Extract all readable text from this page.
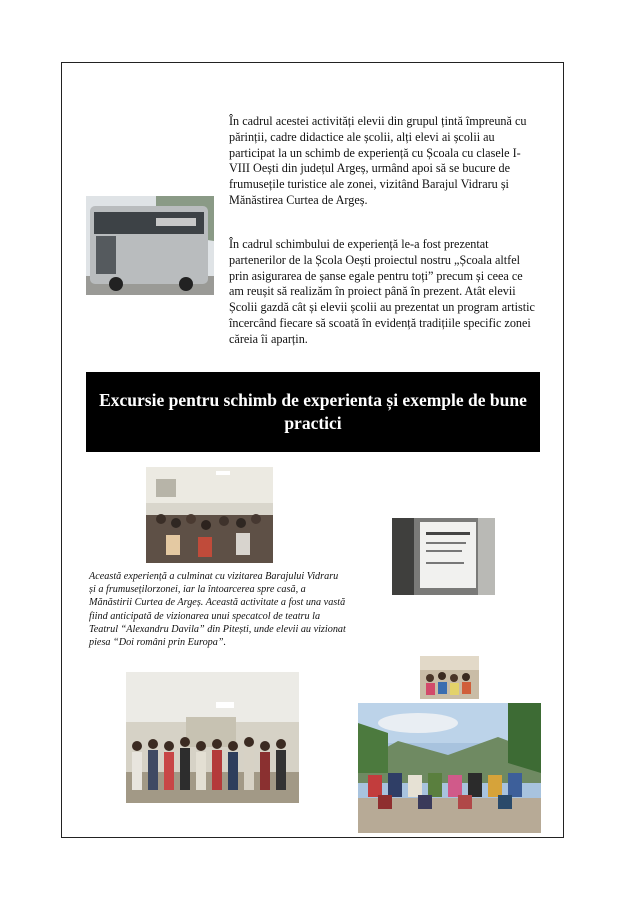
În cadrul acestei activități elevii din grupul țintă împreună cu părinții, cadre didactice ale școlii, alți elevi ai școlii au participat la un schimb de experiență cu Școala cu clasele I- VIII Oești din județul Argeș, urmând apoi să se bucure de frumusețile turistice ale zonei, vizitând Barajul Vidraru și Mănăstirea Curtea de Argeș.

În cadrul schimbului de experiență le-a fost prezentat partenerilor de la Școla Oești proiectul nostru „Școala altfel prin asigurarea de șanse egale pentru toți” precum și ceea ce am reușit să realizăm în proiect până în prezent. Atât elevii Școlii gazdă cât și elevii școlii au prezentat un program artistic încercând fiecare să scoată în evidență tradițiile specific zonei căreia îi aparțin.

Excursie pentru schimb de experienta și exemple de bune practici

Această experiență a culminat cu vizitarea Barajului Vidraru și a frumusețilorzonei, iar la întoarcerea spre casă, a Mănăstirii Curtea de Argeș. Această activitate a fost una vastă fiind anticipată de vizionarea unui specatcol de teatru la Teatrul “Alexandru Davila” din Pitești, unde elevii au vizionat piesa “Doi români prin Europa”.
